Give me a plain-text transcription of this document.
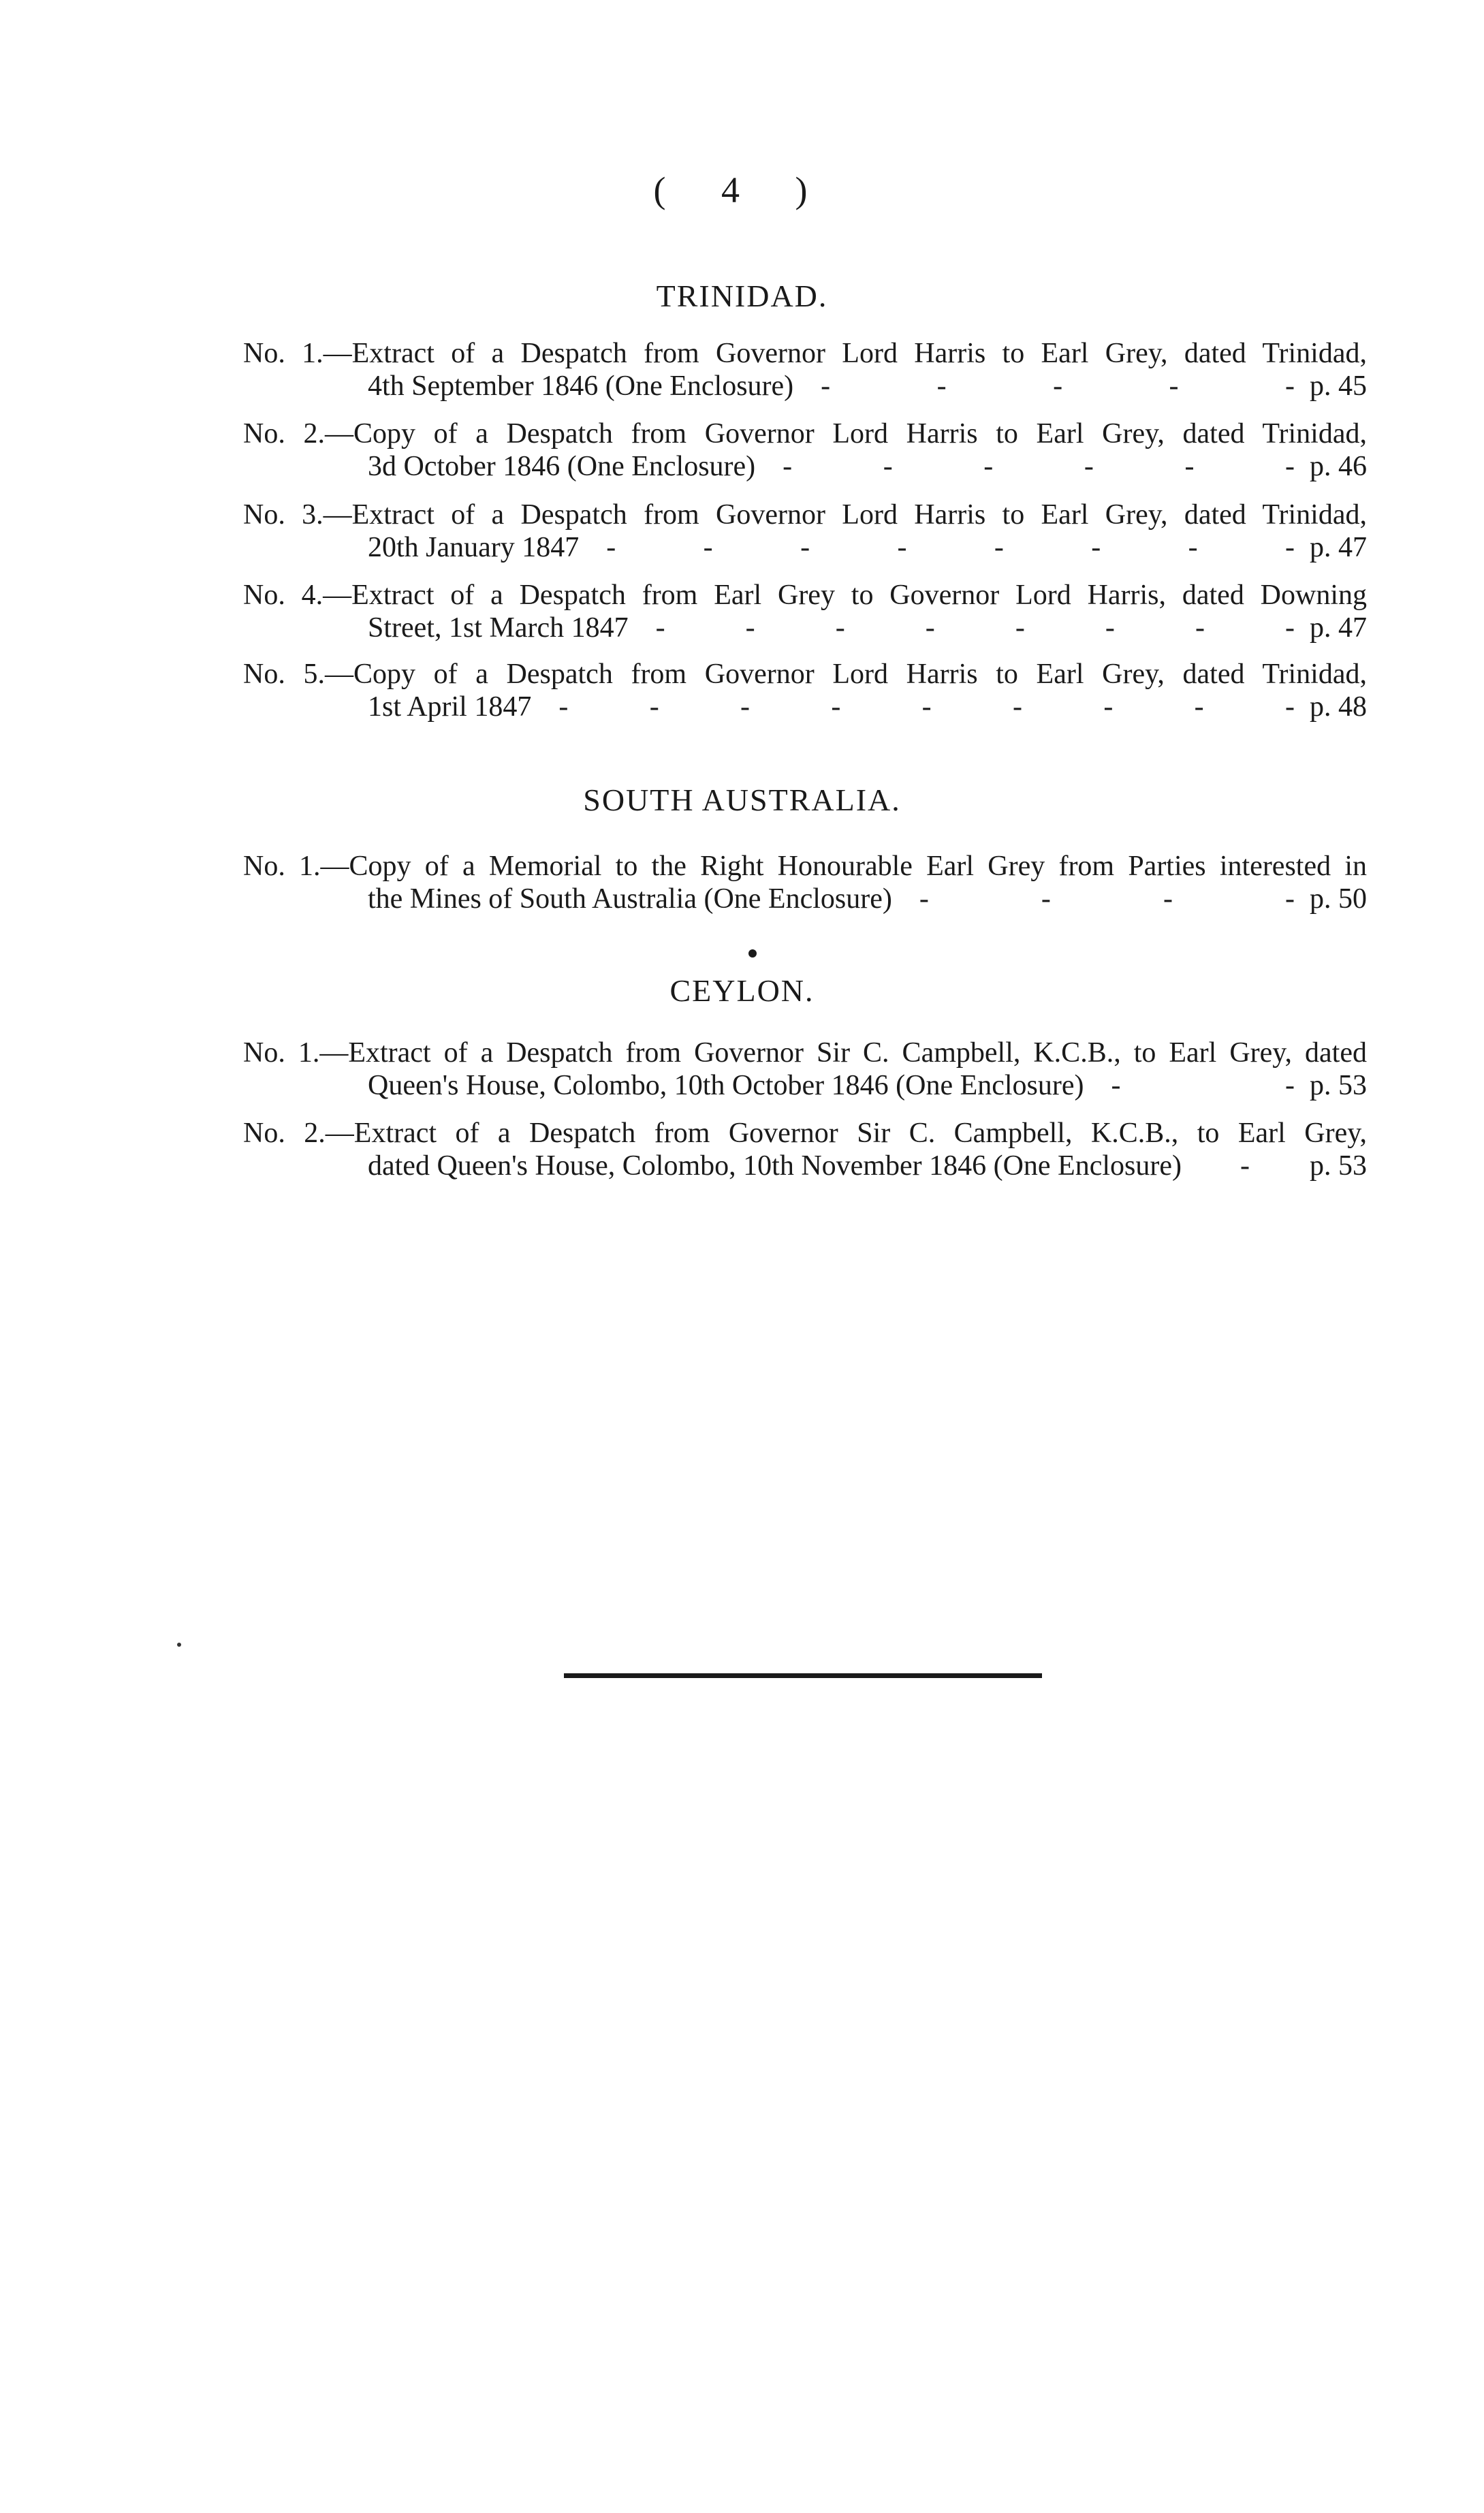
( 4 )
TRINIDAD.
No. 1.—Extract of a Despatch from Governor Lord Harris to Earl Grey, dated Trinidad,
4th September 1846 (One Enclosure) - - - - - p. 45
No. 2.—Copy of a Despatch from Governor Lord Harris to Earl Grey, dated Trinidad,
3d October 1846 (One Enclosure) - - - - - - p. 46
No. 3.—Extract of a Despatch from Governor Lord Harris to Earl Grey, dated Trinidad,
20th January 1847 - - - - - - - - p. 47
No. 4.—Extract of a Despatch from Earl Grey to Governor Lord Harris, dated Downing
Street, 1st March 1847 - - - - - - - - p. 47
No. 5.—Copy of a Despatch from Governor Lord Harris to Earl Grey, dated Trinidad,
1st April 1847 - - - - - - - - - p. 48
SOUTH AUSTRALIA.
No. 1.—Copy of a Memorial to the Right Honourable Earl Grey from Parties interested in
the Mines of South Australia (One Enclosure) - - - - p. 50
CEYLON.
No. 1.—Extract of a Despatch from Governor Sir C. Campbell, K.C.B., to Earl Grey, dated
Queen's House, Colombo, 10th October 1846 (One Enclosure) - - p. 53
No. 2.—Extract of a Despatch from Governor Sir C. Campbell, K.C.B., to Earl Grey,
dated Queen's House, Colombo, 10th November 1846 (One Enclosure)	-	p. 53
